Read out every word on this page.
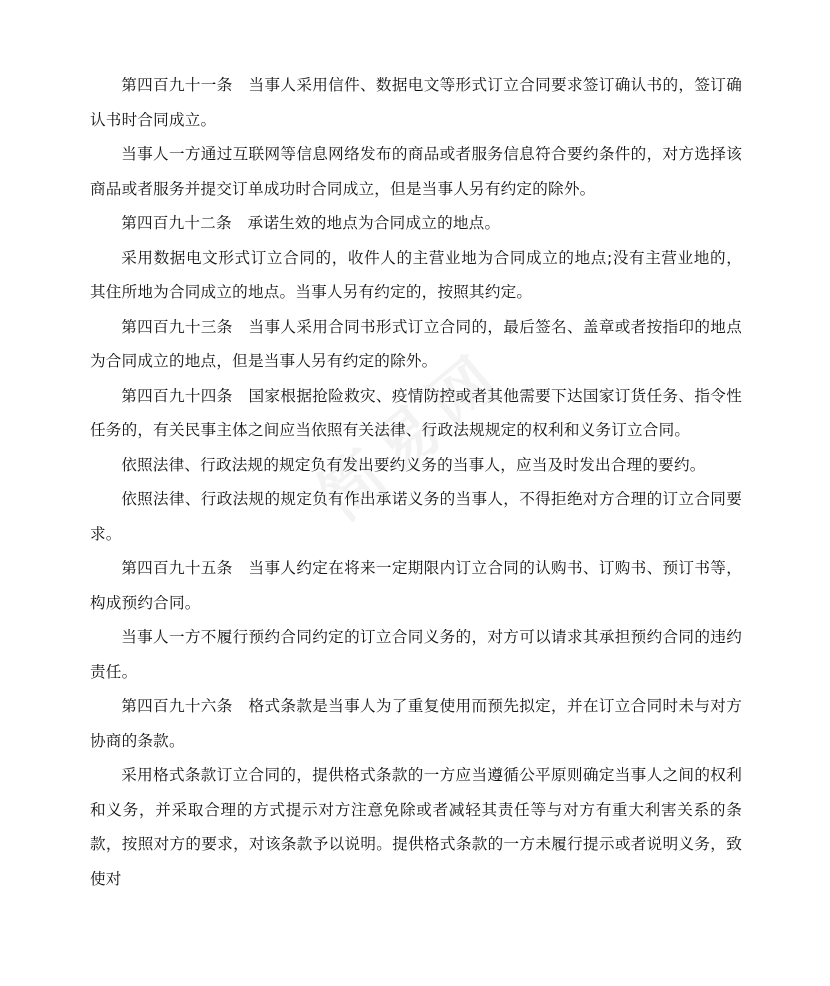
第四百九十一条　当事人采用信件、数据电文等形式订立合同要求签订确认书的，签订确认书时合同成立。

当事人一方通过互联网等信息网络发布的商品或者服务信息符合要约条件的，对方选择该商品或者服务并提交订单成功时合同成立，但是当事人另有约定的除外。

第四百九十二条　承诺生效的地点为合同成立的地点。

采用数据电文形式订立合同的，收件人的主营业地为合同成立的地点;没有主营业地的，其住所地为合同成立的地点。当事人另有约定的，按照其约定。

第四百九十三条　当事人采用合同书形式订立合同的，最后签名、盖章或者按指印的地点为合同成立的地点，但是当事人另有约定的除外。

第四百九十四条　国家根据抢险救灾、疫情防控或者其他需要下达国家订货任务、指令性任务的，有关民事主体之间应当依照有关法律、行政法规规定的权利和义务订立合同。

依照法律、行政法规的规定负有发出要约义务的当事人，应当及时发出合理的要约。

依照法律、行政法规的规定负有作出承诺义务的当事人，不得拒绝对方合理的订立合同要求。

第四百九十五条　当事人约定在将来一定期限内订立合同的认购书、订购书、预订书等，构成预约合同。

当事人一方不履行预约合同约定的订立合同义务的，对方可以请求其承担预约合同的违约责任。

第四百九十六条　格式条款是当事人为了重复使用而预先拟定，并在订立合同时未与对方协商的条款。

采用格式条款订立合同的，提供格式条款的一方应当遵循公平原则确定当事人之间的权利和义务，并采取合理的方式提示对方注意免除或者减轻其责任等与对方有重大利害关系的条款，按照对方的要求，对该条款予以说明。提供格式条款的一方未履行提示或者说明义务，致使对
